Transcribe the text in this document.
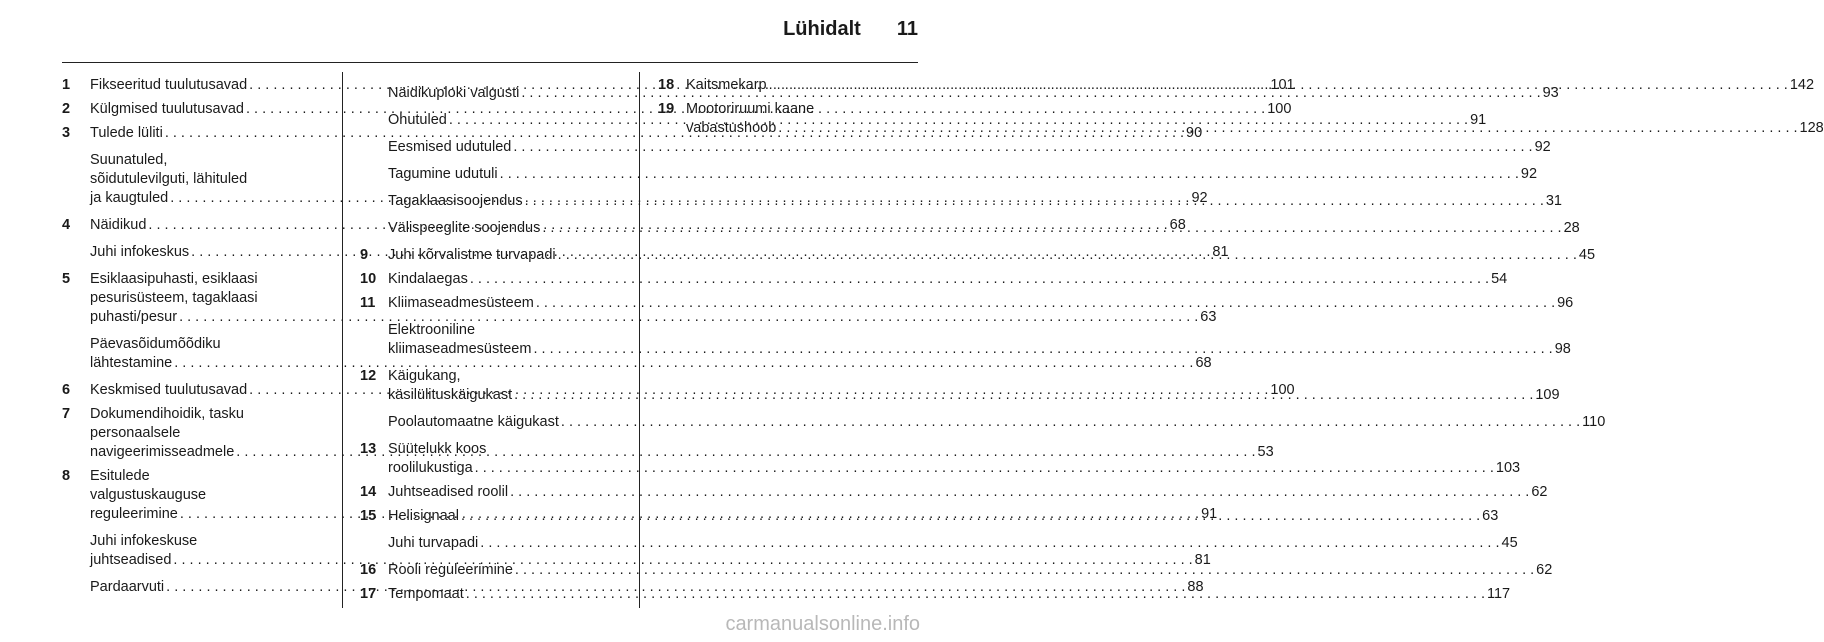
Lühidalt 11
1	Fikseeritud tuulutusavad . . .	101
2	Külgmised tuulutusavad . . .	100
3	Tulede lüliti . . .	90
Suunatuled,
sõidutulevilguti, lähituled
ja kaugtuled . . .	92
4	Näidikud . . .	68
Juhi infokeskus . . .	81
5	Esiklaasipuhasti, esiklaasi
pesurisüsteem, tagaklaasi
puhasti/pesur . . .	63
Päevasõidumõõdiku
lähtestamine . . .	68
6	Keskmised tuulutusavad . . .	100
7	Dokumendihoidik, tasku
personaalsele
navigeerimisseadmele . . .	53
8	Esitulede
valgustuskauguse
reguleerimine . . .	91
Juhi infokeskuse
juhtseadised . . .	81
Pardaarvuti . . .	88
Näidikuploki valgusti . . .	93
Ohutuled . . .	91
Eesmised udutuled . . .	92
Tagumine udutuli . . .	92
Tagaklaasisoojendus . . .	31
Välispeeglite soojendus . . .	28
9	Juhi kõrvalistme turvapadi . . .	45
10 Kindalaegas . . .	54
11 Kliimaseadmesüsteem . . .	96
Elektrooniline
kliimaseadmesüsteem . . .	98
12 Käigukang,
käsilülituskäigukast . . .	109
Poolautomaatne käigukast . . .	110
13 Süütelukk koos
roolilukustiga . . .	103
14 Juhtseadised roolil . . .	62
15 Helisignaal . . .	63
Juhi turvapadi . . .	45
16 Rooli reguleerimine . . .	62
17 Tempomaat . . .	117
18 Kaitsmekarp . . .	142
19 Mootoriruumi kaane
vabastushoob . . .	128
carmanualsonline.info
